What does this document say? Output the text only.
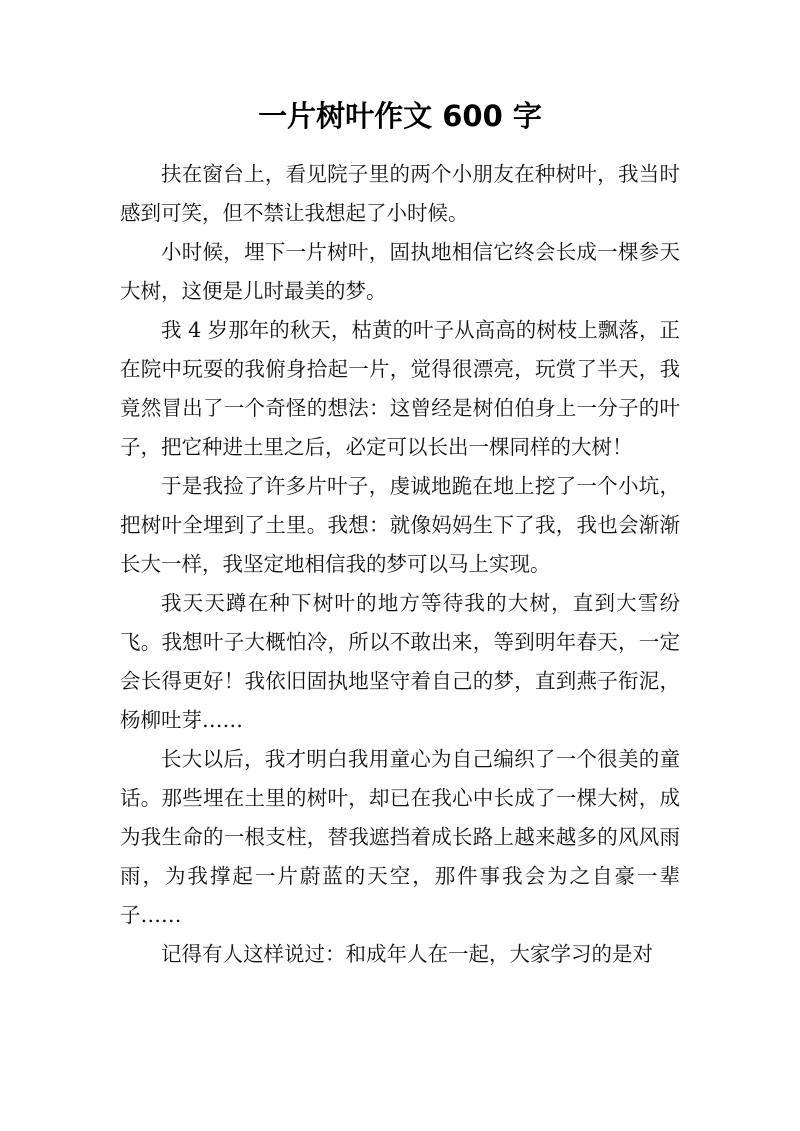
一片树叶作文 600 字

扶在窗台上，看见院子里的两个小朋友在种树叶，我当时感到可笑，但不禁让我想起了小时候。

小时候，埋下一片树叶，固执地相信它终会长成一棵参天大树，这便是儿时最美的梦。

我 4 岁那年的秋天，枯黄的叶子从高高的树枝上飘落，正在院中玩耍的我俯身拾起一片，觉得很漂亮，玩赏了半天，我竟然冒出了一个奇怪的想法：这曾经是树伯伯身上一分子的叶子，把它种进土里之后，必定可以长出一棵同样的大树！

于是我捡了许多片叶子，虔诚地跪在地上挖了一个小坑，把树叶全埋到了土里。我想：就像妈妈生下了我，我也会渐渐长大一样，我坚定地相信我的梦可以马上实现。

我天天蹲在种下树叶的地方等待我的大树，直到大雪纷飞。我想叶子大概怕冷，所以不敢出来，等到明年春天，一定会长得更好！我依旧固执地坚守着自己的梦，直到燕子衔泥，杨柳吐芽……

长大以后，我才明白我用童心为自己编织了一个很美的童话。那些埋在土里的树叶，却已在我心中长成了一棵大树，成为我生命的一根支柱，替我遮挡着成长路上越来越多的风风雨雨，为我撑起一片蔚蓝的天空，那件事我会为之自豪一辈子……

记得有人这样说过：和成年人在一起，大家学习的是对
